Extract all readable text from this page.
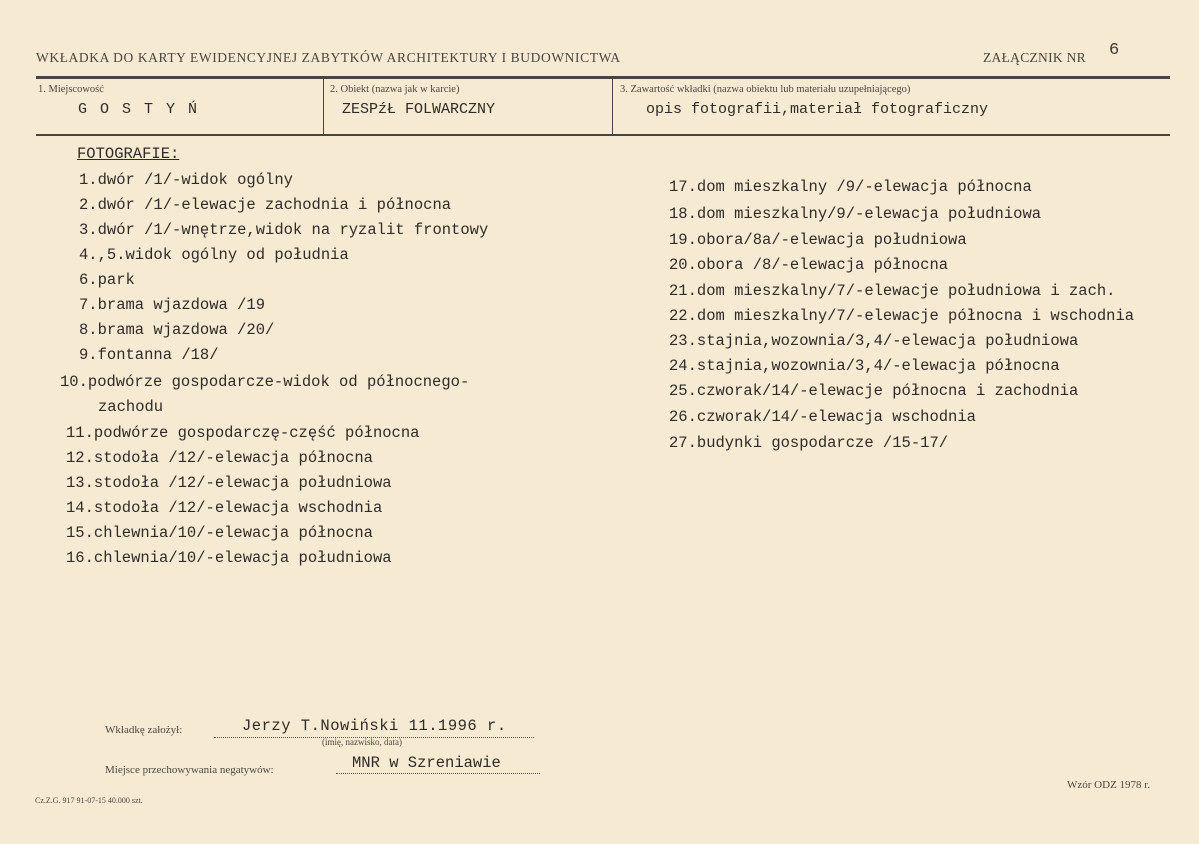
WKŁADKA DO KARTY EWIDENCYJNEJ ZABYTKÓW ARCHITEKTURY I BUDOWNICTWA	ZAŁĄCZNIK NR 6
1. Miejscowość
G O S T Y Ń
2. Obiekt (nazwa jak w karcie)
ZESPźŁ FOLWARCZNY
3. Zawartość wkładki (nazwa obiektu lub materiału uzupełniającego)
opis fotografii,materiał fotograficzny
FOTOGRAFIE:
1.dwór /1/-widok ogólny
2.dwór /1/-elewacje zachodnia i północna
3.dwór /1/-wnętrze,widok na ryzalit frontowy
4.,5.widok ogólny od południa
6.park
7.brama wjazdowa /19
8.brama wjazdowa /20/
9.fontanna /18/
10.podwórze gospodarcze-widok od północnego-
zachodu
11.podwórze gospodarczę-część północna
12.stodoła /12/-elewacja północna
13.stodoła /12/-elewacja południowa
14.stodoła /12/-elewacja wschodnia
15.chlewnia/10/-elewacja północna
16.chlewnia/10/-elewacja południowa
17.dom mieszkalny /9/-elewacja północna
18.dom mieszkalny/9/-elewacja południowa
19.obora/8a/-elewacja południowa
20.obora /8/-elewacja północna
21.dom mieszkalny/7/-elewacje południowa i zach.
22.dom mieszkalny/7/-elewacje północna i wschodnia
23.stajnia,wozownia/3,4/-elewacja południowa
24.stajnia,wozownia/3,4/-elewacja północna
25.czworak/14/-elewacje północna i zachodnia
26.czworak/14/-elewacja wschodnia
27.budynki gospodarcze /15-17/
Wkładkę założył:	Jerzy T.Nowiński 11.1996 r.
(imię, nazwisko, data)
Miejsce przechowywania negatywów:	MNR w Szreniawie
Wzór ODZ 1978 r.
Cz.Z.G. 917 91-07-15 40.000 szt.
